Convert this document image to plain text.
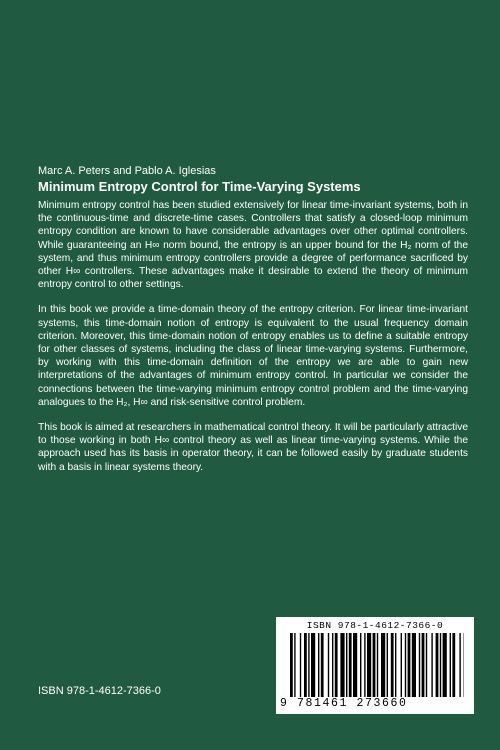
Marc A. Peters and Pablo A. Iglesias

Minimum Entropy Control for Time-Varying Systems

Minimum entropy control has been studied extensively for linear time-invariant systems, both in the continuous-time and discrete-time cases. Controllers that satisfy a closed-loop minimum entropy condition are known to have considerable advantages over other optimal controllers. While guaranteeing an H∞ norm bound, the entropy is an upper bound for the H₂ norm of the system, and thus minimum entropy controllers provide a degree of performance sacrificed by other H∞ controllers. These advantages make it desirable to extend the theory of minimum entropy control to other settings.

In this book we provide a time-domain theory of the entropy criterion. For linear time-invariant systems, this time-domain notion of entropy is equivalent to the usual frequency domain criterion. Moreover, this time-domain notion of entropy enables us to define a suitable entropy for other classes of systems, including the class of linear time-varying systems. Furthermore, by working with this time-domain definition of the entropy we are able to gain new interpretations of the advantages of minimum entropy control. In particular we consider the connections between the time-varying minimum entropy control problem and the time-varying analogues to the H₂, H∞ and risk-sensitive control problem.

This book is aimed at researchers in mathematical control theory. It will be particularly attractive to those working in both H∞ control theory as well as linear time-varying systems. While the approach used has its basis in operator theory, it can be followed easily by graduate students with a basis in linear systems theory.

ISBN 978-1-4612-7366-0
9 781461 273660
ISBN 978-1-4612-7366-0
